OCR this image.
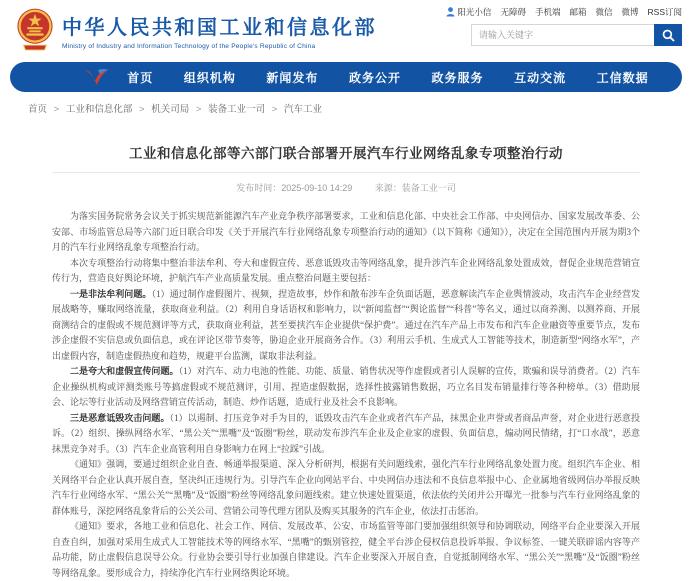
中华人民共和国工业和信息化部
Ministry of Industry and Information Technology of the People's Republic of China
阳光小信 无障碍 手机端 邮箱 微信 微博 RSS订阅
请输入关键字
首页	组织机构	新闻发布	政务公开	政务服务	互动交流	工信数据
首页 > 工业和信息化部 > 机关司局 > 装备工业一司 > 汽车工业
工业和信息化部等六部门联合部署开展汽车行业网络乱象专项整治行动
发布时间：2025-09-10 14:29	来源：装备工业一司

为落实国务院常务会议关于抓实规范新能源汽车产业竞争秩序部署要求，工业和信息化部、中央社会工作部、中央网信办、国家发展改革委、公安部、市场监管总局等六部门近日联合印发《关于开展汽车行业网络乱象专项整治行动的通知》（以下简称《通知》），决定在全国范围内开展为期3个月的汽车行业网络乱象专项整治行动。

本次专项整治行动将集中整治非法牟利、夸大和虚假宣传、恶意诋毁攻击等网络乱象，提升涉汽车企业网络乱象处置成效，督促企业规范营销宣传行为，营造良好舆论环境，护航汽车产业高质量发展。重点整治问题主要包括：

一是非法牟利问题。（1）通过制作虚假图片、视频，捏造故事，炒作和散布涉车企负面话题，恶意解读汽车企业舆情波动，攻击汽车企业经营发展战略等，赚取网络流量，获取商业利益。（2）利用自身话语权和影响力，以“新闻监督”“舆论监督”“科普”等名义，通过以商养测、以测养商、开展商测结合的虚假或不规范测评等方式，获取商业利益，甚至要挟汽车企业提供“保护费”。通过在汽车产品上市发布和汽车企业融资等重要节点，发布涉企虚假不实信息或负面信息，或在评论区带节奏等，胁迫企业开展商务合作。（3）利用云手机、生成式人工智能等技术，制造新型“网络水军”，产出虚假内容，制造虚假热度和趋势，规避平台监测，谋取非法利益。

二是夸大和虚假宣传问题。（1）对汽车、动力电池的性能、功能、质量、销售状况等作虚假或者引人误解的宣传，欺骗和误导消费者。（2）汽车企业操纵机构或评测类账号等搞虚假或不规范测评，引用、捏造虚假数据，选择性披露销售数据，巧立名目发布销量排行等各种榜单。（3）借助展会、论坛等行业活动及网络营销宣传活动，制造、炒作话题，造成行业及社会不良影响。

三是恶意诋毁攻击问题。（1）以遏制、打压竞争对手为目的，诋毁攻击汽车企业或者汽车产品，抹黑企业声誉或者商品声誉，对企业进行恶意投诉。（2）组织、操纵网络水军、“黑公关”“黑嘴”及“饭圈”粉丝，联动发布涉汽车企业及企业家的虚假、负面信息，煽动网民情绪，打“口水战”，恶意抹黑竞争对手。（3）汽车企业高管利用自身影响力在网上“拉踩”引战。

《通知》强调，要通过组织企业自查、畅通举报渠道、深入分析研判，根据有关问题线索，强化汽车行业网络乱象处置力度。组织汽车企业、相关网络平台企业认真开展自查，坚决纠正违规行为。引导汽车企业向网站平台、中央网信办违法和不良信息举报中心、企业属地省级网信办举报反映汽车行业网络水军、“黑公关”“黑嘴”及“饭圈”粉丝等网络乱象问题线索。建立快速处置渠道，依法依约关闭并公开曝光一批参与汽车行业网络乱象的群体账号，深挖网络乱象背后的公关公司、营销公司等代理方团队及购买其服务的汽车企业，依法打击惩治。

《通知》要求，各地工业和信息化、社会工作、网信、发展改革、公安、市场监管等部门要加强组织领导和协调联动，网络平台企业要深入开展自查自纠，加强对采用生成式人工智能技术等的网络水军、“黑嘴”的甄别管控，健全平台涉企侵权信息投诉举报、争议标签、一键关联辟谣内容等产品功能，防止虚假信息误导公众。行业协会要引导行业加强自律建设。汽车企业要深入开展自查，自觉抵制网络水军、“黑公关”“黑嘴”及“饭圈”粉丝等网络乱象。要形成合力，持续净化汽车行业网络舆论环境。
